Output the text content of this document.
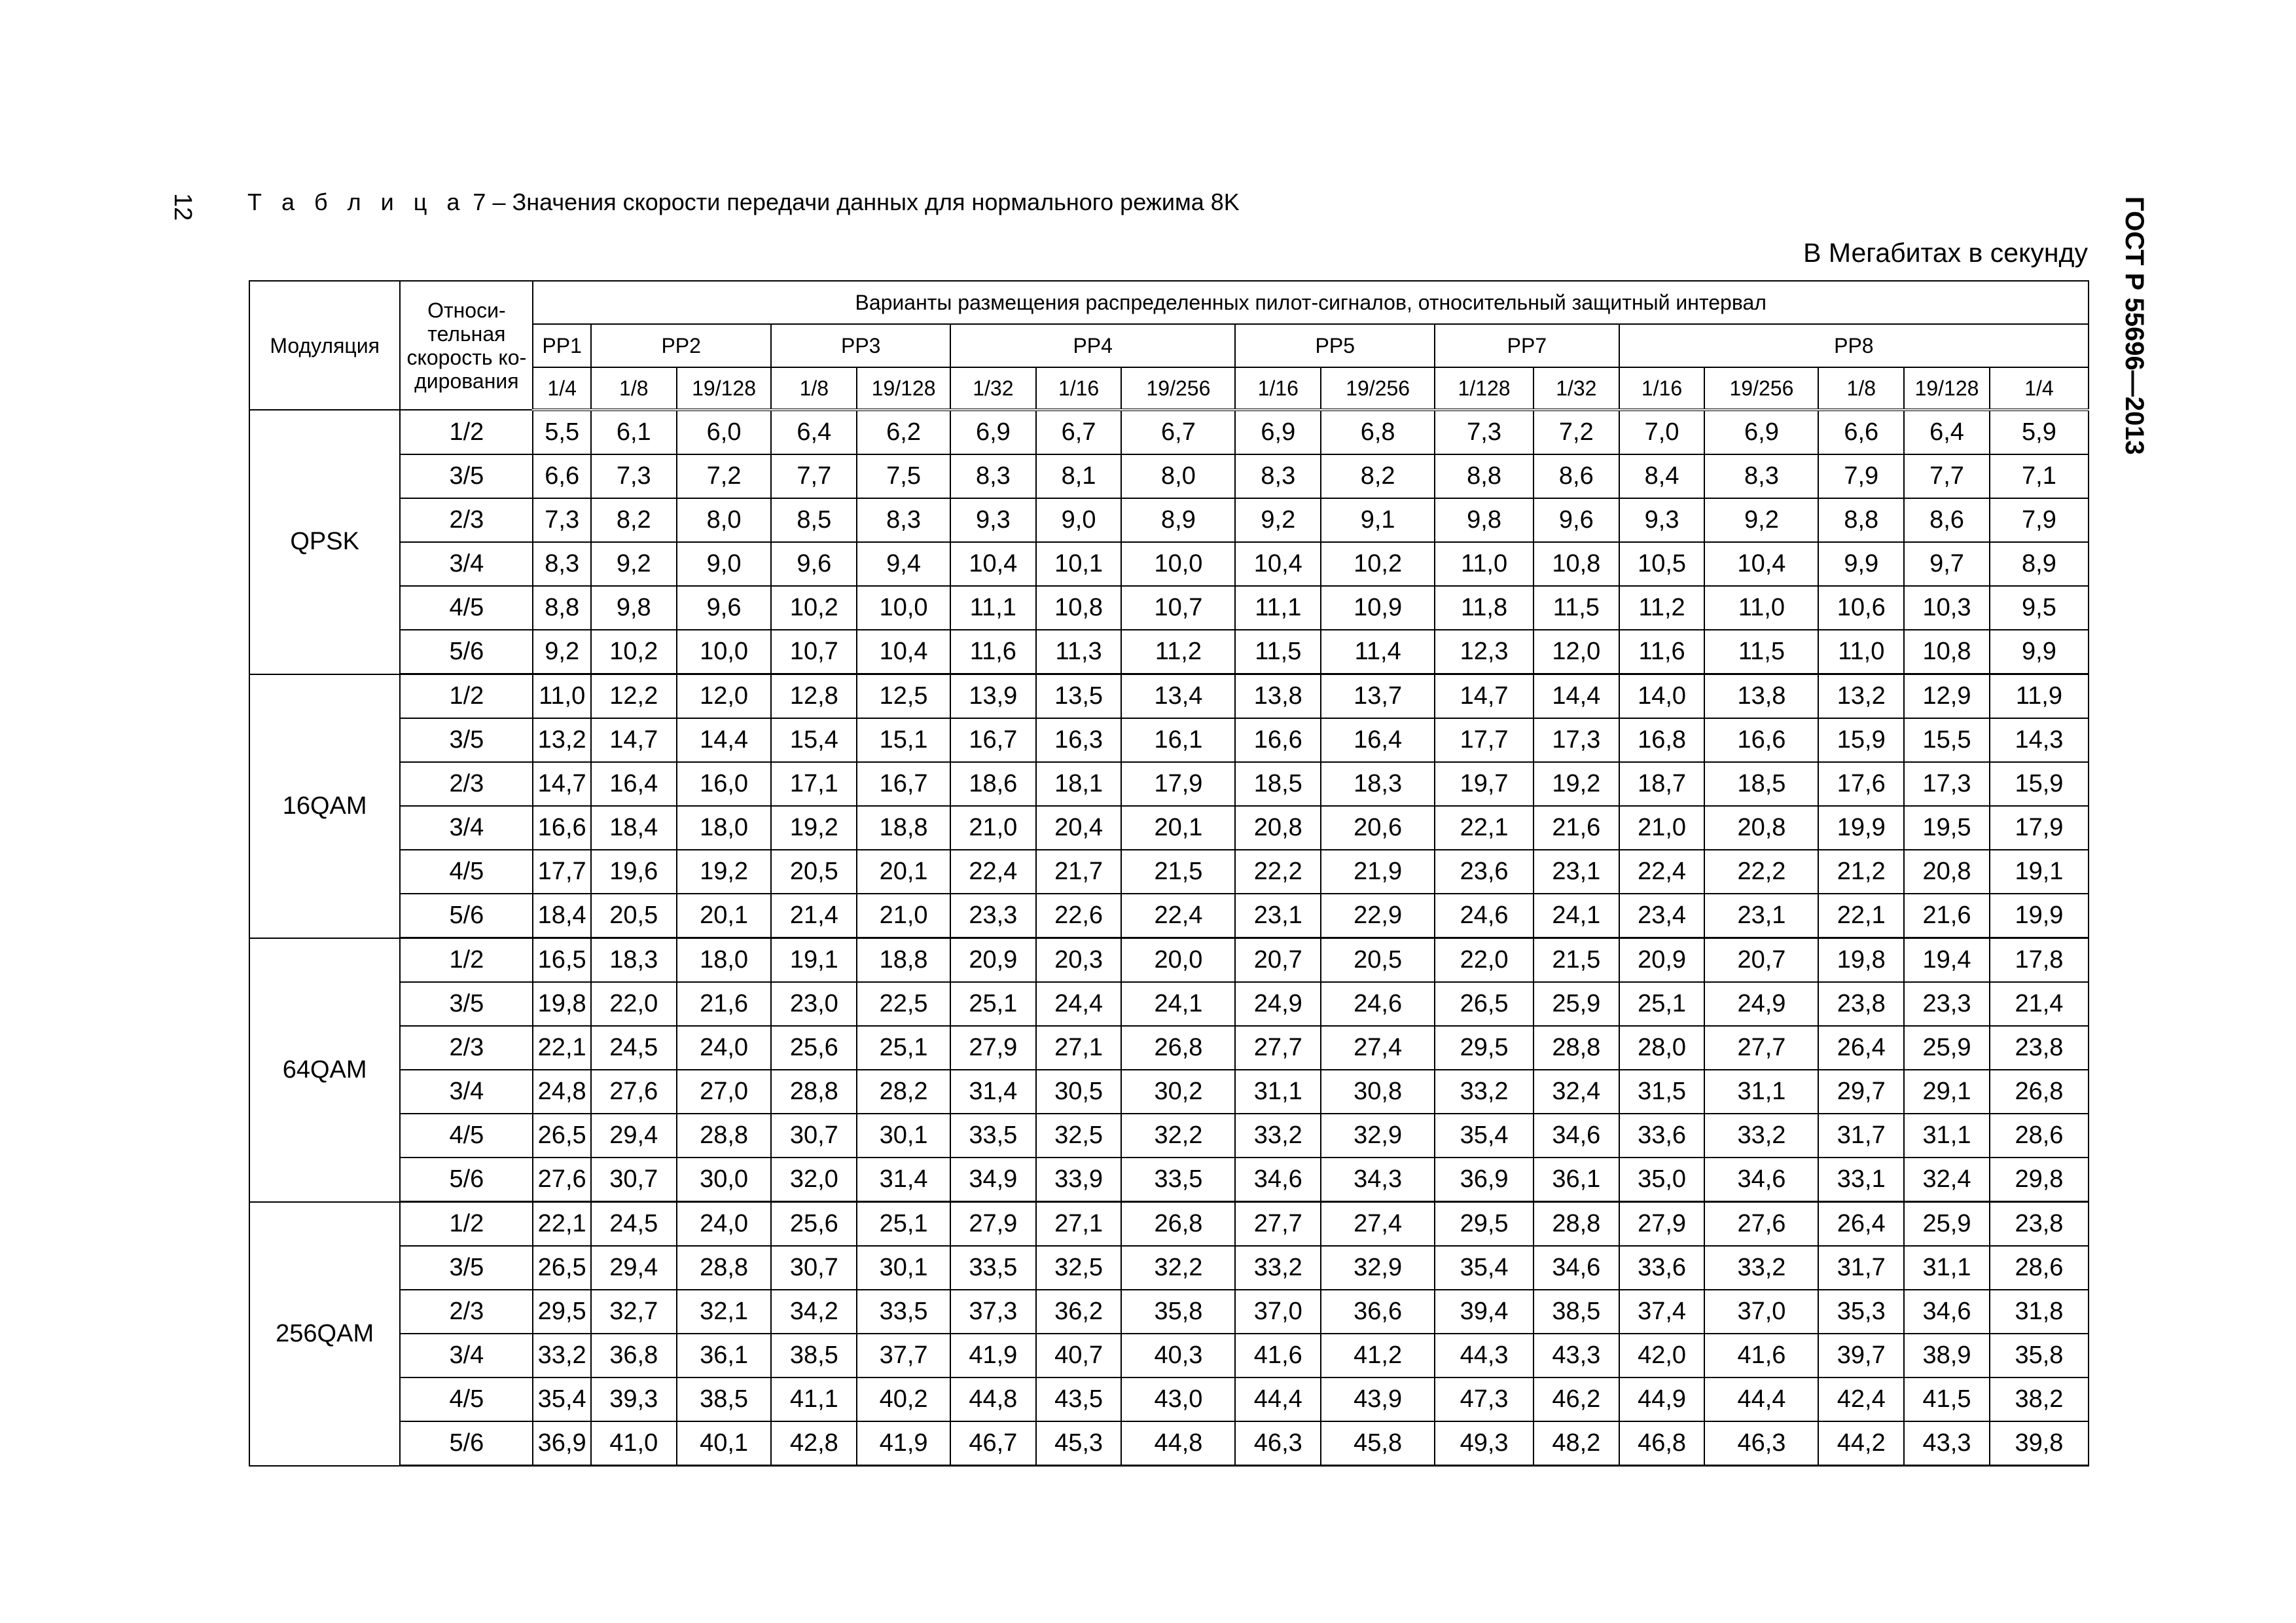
12	ГОСТ Р 55696—2013
Т а б л и ц а 7 – Значения скорости передачи данных для нормального режима 8K
В Мегабитах в секунду
Модуляция	Относи-тельная скорость ко-дирования	Варианты размещения распределенных пилот-сигналов, относительный защитный интервал																
		PP1	PP2		PP3		PP4			PP5		PP7		PP8				
		1/4	1/8	19/128	1/8	19/128	1/32	1/16	19/256	1/16	19/256	1/128	1/32	1/16	19/256	1/8	19/128	1/4
QPSK	1/2	5,5	6,1	6,0	6,4	6,2	6,9	6,7	6,7	6,9	6,8	7,3	7,2	7,0	6,9	6,6	6,4	5,9
	3/5	6,6	7,3	7,2	7,7	7,5	8,3	8,1	8,0	8,3	8,2	8,8	8,6	8,4	8,3	7,9	7,7	7,1
	2/3	7,3	8,2	8,0	8,5	8,3	9,3	9,0	8,9	9,2	9,1	9,8	9,6	9,3	9,2	8,8	8,6	7,9
	3/4	8,3	9,2	9,0	9,6	9,4	10,4	10,1	10,0	10,4	10,2	11,0	10,8	10,5	10,4	9,9	9,7	8,9
	4/5	8,8	9,8	9,6	10,2	10,0	11,1	10,8	10,7	11,1	10,9	11,8	11,5	11,2	11,0	10,6	10,3	9,5
	5/6	9,2	10,2	10,0	10,7	10,4	11,6	11,3	11,2	11,5	11,4	12,3	12,0	11,6	11,5	11,0	10,8	9,9
16QAM	1/2	11,0	12,2	12,0	12,8	12,5	13,9	13,5	13,4	13,8	13,7	14,7	14,4	14,0	13,8	13,2	12,9	11,9
	3/5	13,2	14,7	14,4	15,4	15,1	16,7	16,3	16,1	16,6	16,4	17,7	17,3	16,8	16,6	15,9	15,5	14,3
	2/3	14,7	16,4	16,0	17,1	16,7	18,6	18,1	17,9	18,5	18,3	19,7	19,2	18,7	18,5	17,6	17,3	15,9
	3/4	16,6	18,4	18,0	19,2	18,8	21,0	20,4	20,1	20,8	20,6	22,1	21,6	21,0	20,8	19,9	19,5	17,9
	4/5	17,7	19,6	19,2	20,5	20,1	22,4	21,7	21,5	22,2	21,9	23,6	23,1	22,4	22,2	21,2	20,8	19,1
	5/6	18,4	20,5	20,1	21,4	21,0	23,3	22,6	22,4	23,1	22,9	24,6	24,1	23,4	23,1	22,1	21,6	19,9
64QAM	1/2	16,5	18,3	18,0	19,1	18,8	20,9	20,3	20,0	20,7	20,5	22,0	21,5	20,9	20,7	19,8	19,4	17,8
	3/5	19,8	22,0	21,6	23,0	22,5	25,1	24,4	24,1	24,9	24,6	26,5	25,9	25,1	24,9	23,8	23,3	21,4
	2/3	22,1	24,5	24,0	25,6	25,1	27,9	27,1	26,8	27,7	27,4	29,5	28,8	28,0	27,7	26,4	25,9	23,8
	3/4	24,8	27,6	27,0	28,8	28,2	31,4	30,5	30,2	31,1	30,8	33,2	32,4	31,5	31,1	29,7	29,1	26,8
	4/5	26,5	29,4	28,8	30,7	30,1	33,5	32,5	32,2	33,2	32,9	35,4	34,6	33,6	33,2	31,7	31,1	28,6
	5/6	27,6	30,7	30,0	32,0	31,4	34,9	33,9	33,5	34,6	34,3	36,9	36,1	35,0	34,6	33,1	32,4	29,8
256QAM	1/2	22,1	24,5	24,0	25,6	25,1	27,9	27,1	26,8	27,7	27,4	29,5	28,8	27,9	27,6	26,4	25,9	23,8
	3/5	26,5	29,4	28,8	30,7	30,1	33,5	32,5	32,2	33,2	32,9	35,4	34,6	33,6	33,2	31,7	31,1	28,6
	2/3	29,5	32,7	32,1	34,2	33,5	37,3	36,2	35,8	37,0	36,6	39,4	38,5	37,4	37,0	35,3	34,6	31,8
	3/4	33,2	36,8	36,1	38,5	37,7	41,9	40,7	40,3	41,6	41,2	44,3	43,3	42,0	41,6	39,7	38,9	35,8
	4/5	35,4	39,3	38,5	41,1	40,2	44,8	43,5	43,0	44,4	43,9	47,3	46,2	44,9	44,4	42,4	41,5	38,2
	5/6	36,9	41,0	40,1	42,8	41,9	46,7	45,3	44,8	46,3	45,8	49,3	48,2	46,8	46,3	44,2	43,3	39,8
